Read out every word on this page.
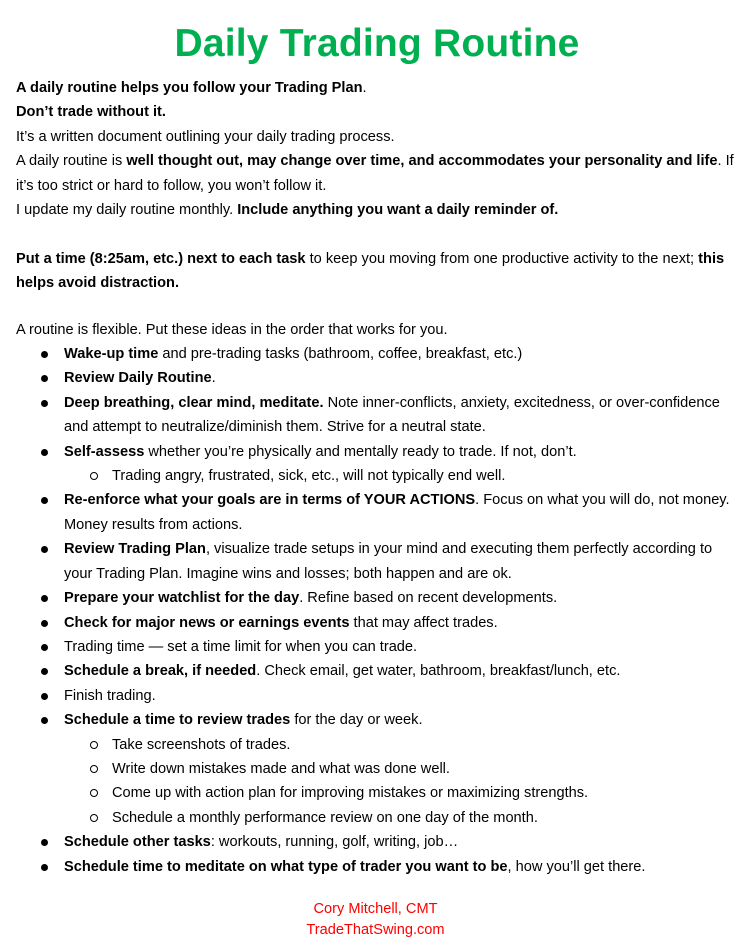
Daily Trading Routine

A daily routine helps you follow your Trading Plan.

Don’t trade without it.

It’s a written document outlining your daily trading process.

A daily routine is well thought out, may change over time, and accommodates your personality and life. If it’s too strict or hard to follow, you won’t follow it.

I update my daily routine monthly. Include anything you want a daily reminder of.

Put a time (8:25am, etc.) next to each task to keep you moving from one productive activity to the next; this helps avoid distraction.

A routine is flexible. Put these ideas in the order that works for you.

Wake-up time and pre-trading tasks (bathroom, coffee, breakfast, etc.)
Review Daily Routine.
Deep breathing, clear mind, meditate. Note inner-conflicts, anxiety, excitedness, or over-confidence and attempt to neutralize/diminish them. Strive for a neutral state.
Self-assess whether you’re physically and mentally ready to trade. If not, don’t.
Trading angry, frustrated, sick, etc., will not typically end well.
Re-enforce what your goals are in terms of YOUR ACTIONS. Focus on what you will do, not money. Money results from actions.
Review Trading Plan, visualize trade setups in your mind and executing them perfectly according to your Trading Plan. Imagine wins and losses; both happen and are ok.
Prepare your watchlist for the day. Refine based on recent developments.
Check for major news or earnings events that may affect trades.
Trading time — set a time limit for when you can trade.
Schedule a break, if needed. Check email, get water, bathroom, breakfast/lunch, etc.
Finish trading.
Schedule a time to review trades for the day or week.
Take screenshots of trades.
Write down mistakes made and what was done well.
Come up with action plan for improving mistakes or maximizing strengths.
Schedule a monthly performance review on one day of the month.
Schedule other tasks: workouts, running, golf, writing, job…
Schedule time to meditate on what type of trader you want to be, how you’ll get there.
Cory Mitchell, CMT
TradeThatSwing.com
